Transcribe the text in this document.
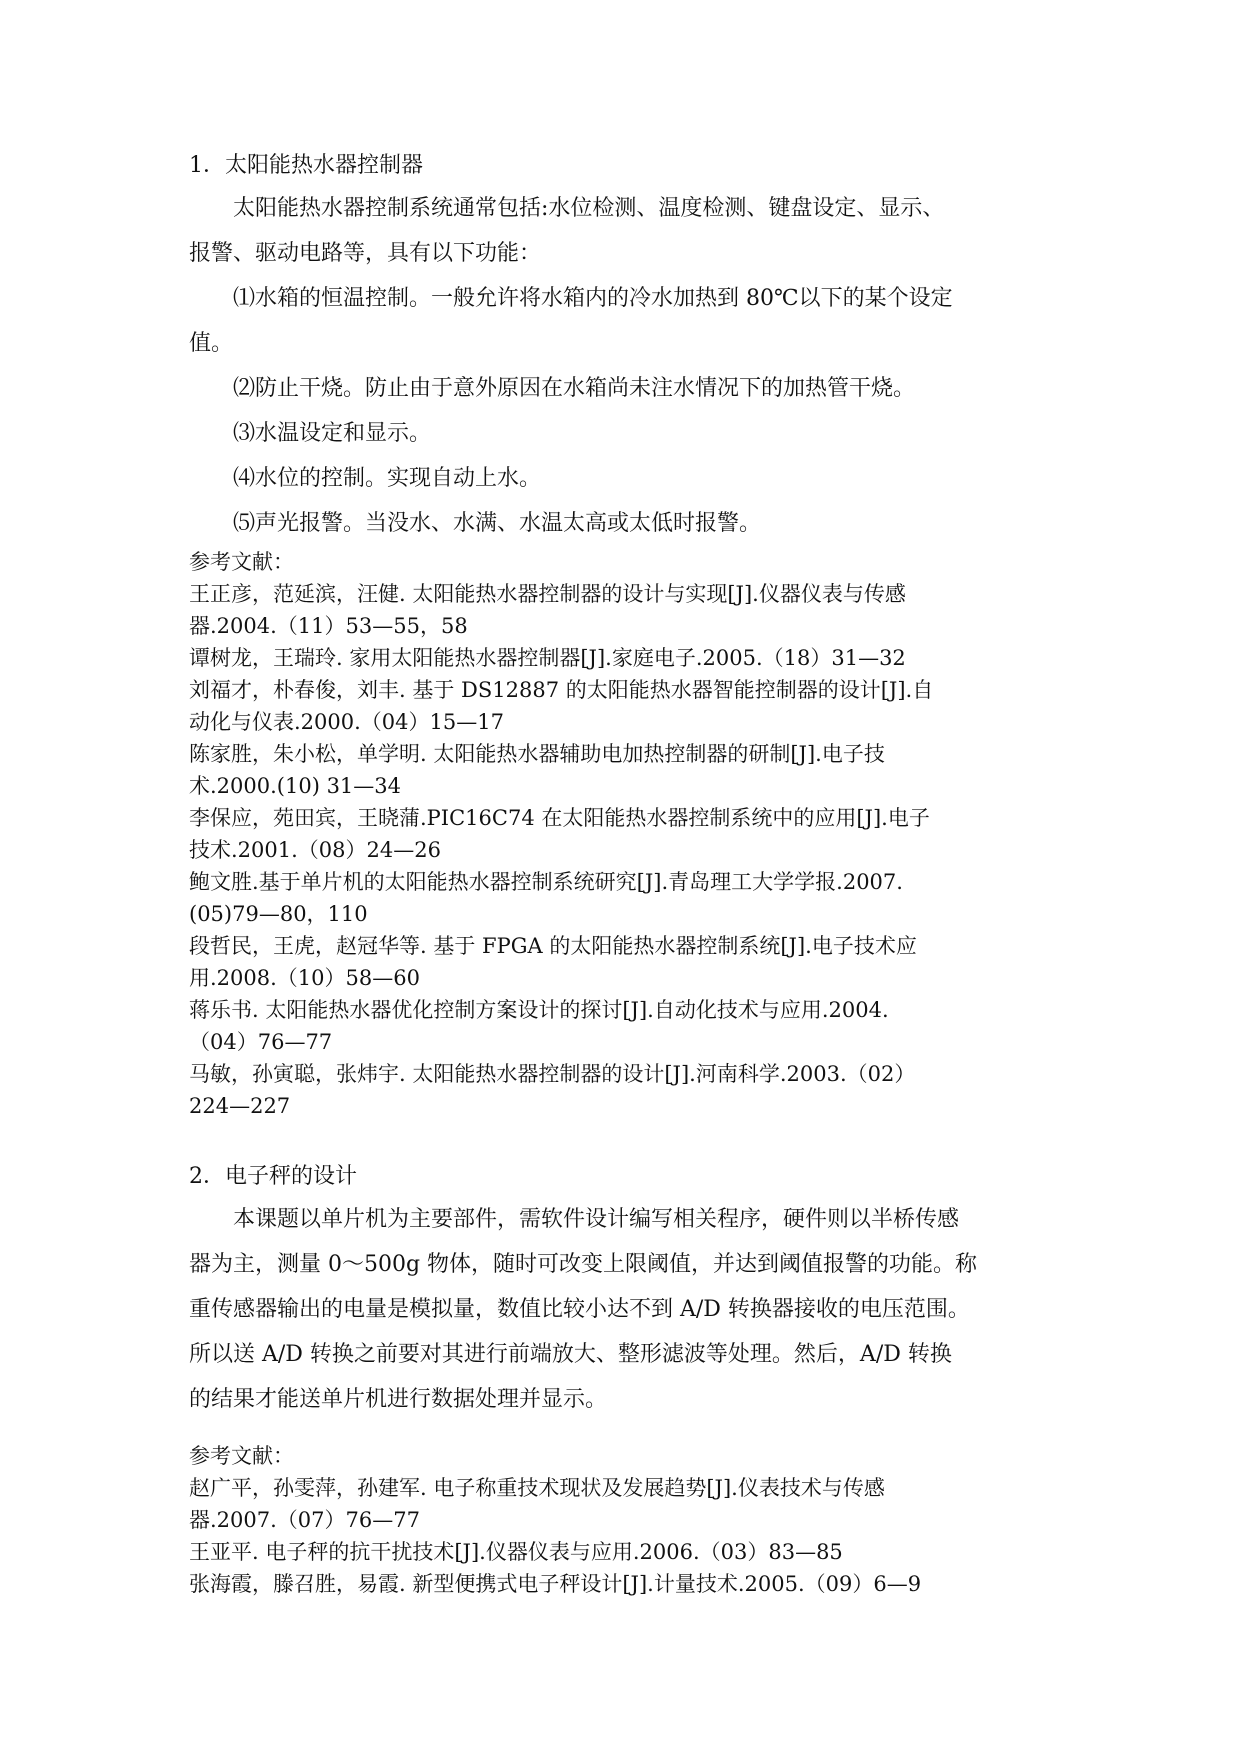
1．太阳能热水器控制器

太阳能热水器控制系统通常包括:水位检测、温度检测、键盘设定、显示、
报警、驱动电路等，具有以下功能：

⑴水箱的恒温控制。一般允许将水箱内的冷水加热到 80℃以下的某个设定
值。

⑵防止干烧。防止由于意外原因在水箱尚未注水情况下的加热管干烧。

⑶水温设定和显示。

⑷水位的控制。实现自动上水。

⑸声光报警。当没水、水满、水温太高或太低时报警。

参考文献：

王正彦，范延滨，汪健. 太阳能热水器控制器的设计与实现[J].仪器仪表与传感
器.2004.（11）53—55，58

谭树龙，王瑞玲. 家用太阳能热水器控制器[J].家庭电子.2005.（18）31—32

刘福才，朴春俊，刘丰. 基于 DS12887 的太阳能热水器智能控制器的设计[J].自
动化与仪表.2000.（04）15—17

陈家胜，朱小松，单学明. 太阳能热水器辅助电加热控制器的研制[J].电子技
术.2000.(10) 31—34

李保应，苑田宾，王晓蒲.PIC16C74 在太阳能热水器控制系统中的应用[J].电子
技术.2001.（08）24—26

鲍文胜.基于单片机的太阳能热水器控制系统研究[J].青岛理工大学学报.2007.
(05)79—80，110

段哲民，王虎，赵冠华等. 基于 FPGA 的太阳能热水器控制系统[J].电子技术应
用.2008.（10）58—60

蒋乐书. 太阳能热水器优化控制方案设计的探讨[J].自动化技术与应用.2004.
（04）76—77

马敏，孙寅聪，张炜宇. 太阳能热水器控制器的设计[J].河南科学.2003.（02）
224—227

2．电子秤的设计

本课题以单片机为主要部件，需软件设计编写相关程序，硬件则以半桥传感
器为主，测量 0～500g 物体，随时可改变上限阈值，并达到阈值报警的功能。称
重传感器输出的电量是模拟量，数值比较小达不到 A/D 转换器接收的电压范围。
所以送 A/D 转换之前要对其进行前端放大、整形滤波等处理。然后，A/D 转换
的结果才能送单片机进行数据处理并显示。

参考文献：

赵广平，孙雯萍，孙建军. 电子称重技术现状及发展趋势[J].仪表技术与传感
器.2007.（07）76—77

王亚平. 电子秤的抗干扰技术[J].仪器仪表与应用.2006.（03）83—85

张海霞，滕召胜，易霞. 新型便携式电子秤设计[J].计量技术.2005.（09）6—9
